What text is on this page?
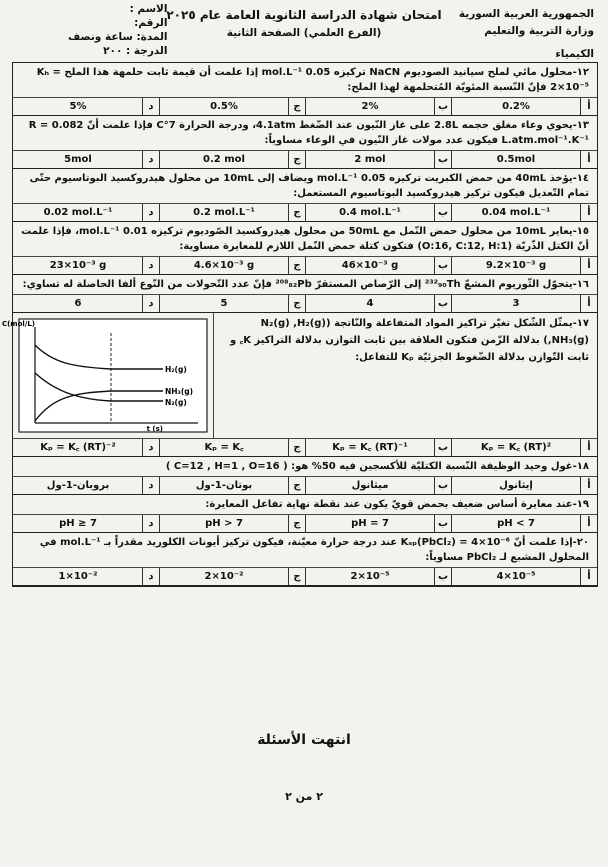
الجمهورية العربية السورية
وزارة التربية والتعليم
امتحان شهادة الدراسة الثانوية العامة عام ٢٠٢٥
(الفرع العلمي) الصفحة الثانية
الاسم :
الرقم:
المدة: ساعة ونصف
الدرجة : ٢٠٠	الكيمياء
١٢-محلول مائي لملح سيانيد الصوديوم NaCN تركيزه 0.05 mol.L⁻¹ إذا علمت أن قيمة ثابت حلمهة هذا الملح Kₕ = 2×10⁻⁵ فإنّ النّسبة المئويّة المُتحلمهة لهذا الملح:
أ
0.2%
ب
2%
ج
0.5%
د
5%
١٣-يحوي وعاء مغلق حجمه 2.8L على غاز النّيون عند الضّغط 4.1atm، ودرجة الحرارة 7°C فإذا علمت أنّ R = 0.082 L.atm.mol⁻¹.K⁻¹ فيكون عدد مولات غاز النّيون في الوعاء مساوياً:
أ
0.5mol
ب
2 mol
ج
0.2 mol
د
5mol
١٤-يؤخذ 40mL من حمض الكبريت تركيزه 0.05 mol.L⁻¹ ويضاف إلى 10mL من محلول هيدروكسيد البوتاسيوم حتّى تمام التّعديل فيكون تركيز هيدروكسيد البوتاسيوم المستعمل:
أ
0.04 mol.L⁻¹
ب
0.4 mol.L⁻¹
ج
0.2 mol.L⁻¹
د
0.02 mol.L⁻¹
١٥-يعاير 10mL من محلول حمض النّمل مع 50mL من محلول هيدروكسيد الصّوديوم تركيزه 0.01 mol.L⁻¹، فإذا علمت أنّ الكتل الذّريّة (O:16, C:12, H:1) فتكون كتلة حمض النّمل اللازم للمعايرة مساوية:
أ
9.2×10⁻³ g
ب
46×10⁻³ g
ج
4.6×10⁻³ g
د
23×10⁻³ g
١٦-يتحوّل الثّوريوم المشعّ ²³²₉₀Th إلى الرّصاص المستقرّ ²⁰⁸₈₂Pb فإنّ عدد التّحولات من النّوع ألفا الحاصلة له تساوي:
أ
3
ب
4
ج
5
د
6
١٧-يمثّل الشّكل تغيّر تراكيز المواد المتفاعلة والنّاتجة (N₂(g) ,H₂(g) ,NH₃(g)) بدلالة الزّمن فتكون العلاقة بين ثابت التوازن بدلالة التراكيز K꜀ و ثابت التّوازن بدلالة الضّغوط الجزئيّة Kₚ للتفاعل:
C(mol/L)
t (s)
H₂(g)
NH₃(g)
N₂(g)
أ
Kₚ = K꜀ (RT)²
ب
Kₚ = K꜀ (RT)⁻¹
ج
Kₚ = K꜀
د
Kₚ = K꜀ (RT)⁻²
١٨-غول وحيد الوظيفة النّسبة الكتليّة للأكسجين فيه 50% هو: ( C=12 , H=1 , O=16 )
أ
إيثانول
ب
ميثانول
ج
بوتان-1-ول
د
بروبان-1-ول
١٩-عند معايرة أساس ضعيف بحمض قويّ يكون عند نقطة نهاية تفاعل المعايرة:
أ
pH < 7
ب
pH = 7
ج
pH > 7
د
pH ≥ 7
٢٠-إذا علمت أنّ Kₛₚ(PbCl₂) = 4×10⁻⁶ عند درجة حرارة معيّنة، فيكون تركيز أيونات الكلوريد مقدراً بـ mol.L⁻¹ في المحلول المشبع لـ PbCl₂ مساوياً:
أ
4×10⁻⁵
ب
2×10⁻⁵
ج
2×10⁻²
د
1×10⁻²
انتهت الأسئلة
٢ من ٢
